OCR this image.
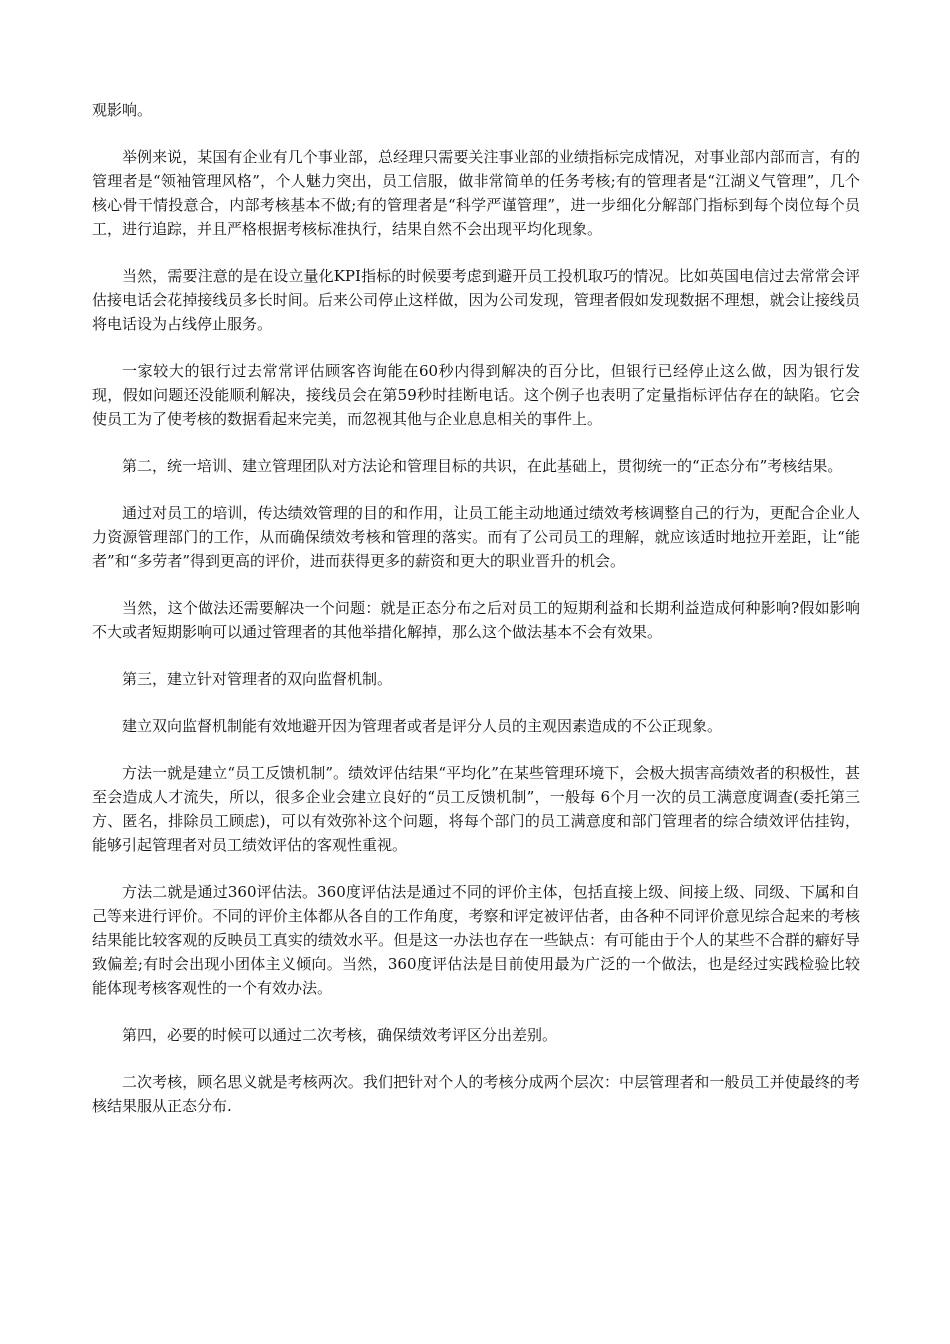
观影响。

举例来说，某国有企业有几个事业部，总经理只需要关注事业部的业绩指标完成情况，对事业部内部而言，有的管理者是“领袖管理风格”，个人魅力突出，员工信服，做非常简单的任务考核;有的管理者是“江湖义气管理”，几个核心骨干情投意合，内部考核基本不做;有的管理者是“科学严谨管理”，进一步细化分解部门指标到每个岗位每个员工，进行追踪，并且严格根据考核标准执行，结果自然不会出现平均化现象。

当然，需要注意的是在设立量化KPI指标的时候要考虑到避开员工投机取巧的情况。比如英国电信过去常常会评估接电话会花掉接线员多长时间。后来公司停止这样做，因为公司发现，管理者假如发现数据不理想，就会让接线员将电话设为占线停止服务。

一家较大的银行过去常常评估顾客咨询能在60秒内得到解决的百分比，但银行已经停止这么做，因为银行发现，假如问题还没能顺利解决，接线员会在第59秒时挂断电话。这个例子也表明了定量指标评估存在的缺陷。它会使员工为了使考核的数据看起来完美，而忽视其他与企业息息相关的事件上。

第二，统一培训、建立管理团队对方法论和管理目标的共识，在此基础上，贯彻统一的“正态分布”考核结果。

通过对员工的培训，传达绩效管理的目的和作用，让员工能主动地通过绩效考核调整自己的行为，更配合企业人力资源管理部门的工作，从而确保绩效考核和管理的落实。而有了公司员工的理解，就应该适时地拉开差距，让“能者”和“多劳者”得到更高的评价，进而获得更多的薪资和更大的职业晋升的机会。

当然，这个做法还需要解决一个问题：就是正态分布之后对员工的短期利益和长期利益造成何种影响?假如影响不大或者短期影响可以通过管理者的其他举措化解掉，那么这个做法基本不会有效果。

第三，建立针对管理者的双向监督机制。

建立双向监督机制能有效地避开因为管理者或者是评分人员的主观因素造成的不公正现象。

方法一就是建立“员工反馈机制”。绩效评估结果“平均化”在某些管理环境下，会极大损害高绩效者的积极性，甚至会造成人才流失，所以，很多企业会建立良好的“员工反馈机制”，一般每 6个月一次的员工满意度调查(委托第三方、匿名，排除员工顾虑)，可以有效弥补这个问题，将每个部门的员工满意度和部门管理者的综合绩效评估挂钩，能够引起管理者对员工绩效评估的客观性重视。

方法二就是通过360评估法。360度评估法是通过不同的评价主体，包括直接上级、间接上级、同级、下属和自己等来进行评价。不同的评价主体都从各自的工作角度，考察和评定被评估者，由各种不同评价意见综合起来的考核结果能比较客观的反映员工真实的绩效水平。但是这一办法也存在一些缺点：有可能由于个人的某些不合群的癖好导致偏差;有时会出现小团体主义倾向。当然，360度评估法是目前使用最为广泛的一个做法，也是经过实践检验比较能体现考核客观性的一个有效办法。

第四，必要的时候可以通过二次考核，确保绩效考评区分出差别。

二次考核，顾名思义就是考核两次。我们把针对个人的考核分成两个层次：中层管理者和一般员工并使最终的考核结果服从正态分布.
